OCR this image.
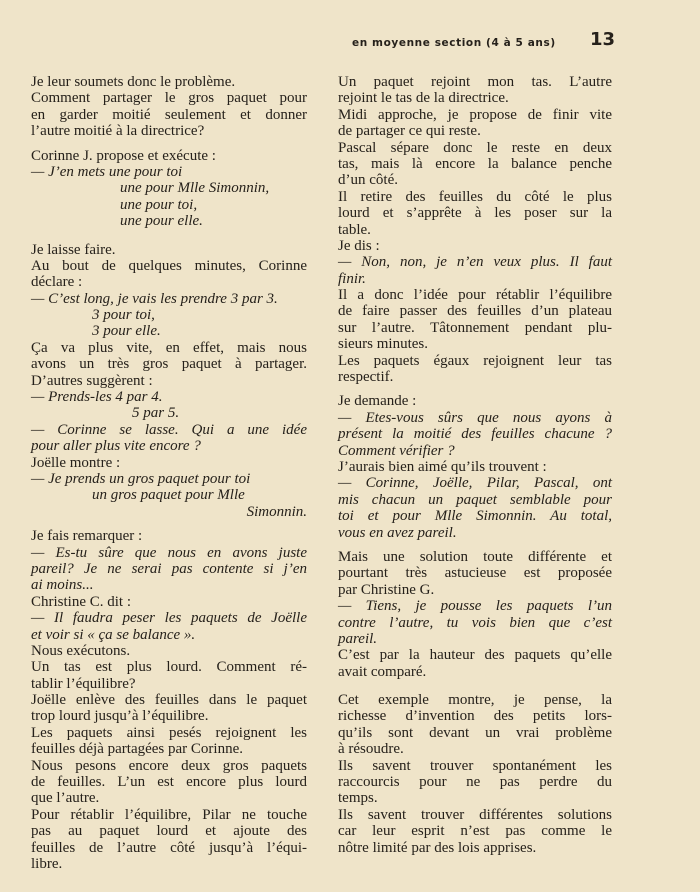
en moyenne section (4 à 5 ans) 13
Je leur soumets donc le problème.
Comment partager le gros paquet pour
en garder moitié seulement et donner
l’autre moitié à la directrice?
Corinne J. propose et exécute :
— J’en mets une pour toi
une pour Mlle Simonnin,
une pour toi,
une pour elle.
Je laisse faire.
Au bout de quelques minutes, Corinne
déclare :
— C’est long, je vais les prendre 3 par 3.
3 pour toi,
3 pour elle.
Ça va plus vite, en effet, mais nous
avons un très gros paquet à partager.
D’autres suggèrent :
— Prends-les 4 par 4.
5 par 5.
— Corinne se lasse. Qui a une idée
pour aller plus vite encore ?
Joëlle montre :
— Je prends un gros paquet pour toi
un gros paquet pour Mlle
Simonnin.
Je fais remarquer :
— Es-tu sûre que nous en avons juste
pareil? Je ne serai pas contente si j’en
ai moins...
Christine C. dit :
— Il faudra peser les paquets de Joëlle
et voir si « ça se balance ».
Nous exécutons.
Un tas est plus lourd. Comment ré-
tablir l’équilibre?
Joëlle enlève des feuilles dans le paquet
trop lourd jusqu’à l’équilibre.
Les paquets ainsi pesés rejoignent les
feuilles déjà partagées par Corinne.
Nous pesons encore deux gros paquets
de feuilles. L’un est encore plus lourd
que l’autre.
Pour rétablir l’équilibre, Pilar ne touche
pas au paquet lourd et ajoute des
feuilles de l’autre côté jusqu’à l’équi-
libre.
Un paquet rejoint mon tas. L’autre
rejoint le tas de la directrice.
Midi approche, je propose de finir vite
de partager ce qui reste.
Pascal sépare donc le reste en deux
tas, mais là encore la balance penche
d’un côté.
Il retire des feuilles du côté le plus
lourd et s’apprête à les poser sur la
table.
Je dis :
— Non, non, je n’en veux plus. Il faut
finir.
Il a donc l’idée pour rétablir l’équilibre
de faire passer des feuilles d’un plateau
sur l’autre. Tâtonnement pendant plu-
sieurs minutes.
Les paquets égaux rejoignent leur tas
respectif.
Je demande :
— Etes-vous sûrs que nous ayons à
présent la moitié des feuilles chacune ?
Comment vérifier ?
J’aurais bien aimé qu’ils trouvent :
— Corinne, Joëlle, Pilar, Pascal, ont
mis chacun un paquet semblable pour
toi et pour Mlle Simonnin. Au total,
vous en avez pareil.
Mais une solution toute différente et
pourtant très astucieuse est proposée
par Christine G.
— Tiens, je pousse les paquets l’un
contre l’autre, tu vois bien que c’est
pareil.
C’est par la hauteur des paquets qu’elle
avait comparé.
Cet exemple montre, je pense, la
richesse d’invention des petits lors-
qu’ils sont devant un vrai problème
à résoudre.
Ils savent trouver spontanément les
raccourcis pour ne pas perdre du
temps.
Ils savent trouver différentes solutions
car leur esprit n’est pas comme le
nôtre limité par des lois apprises.
